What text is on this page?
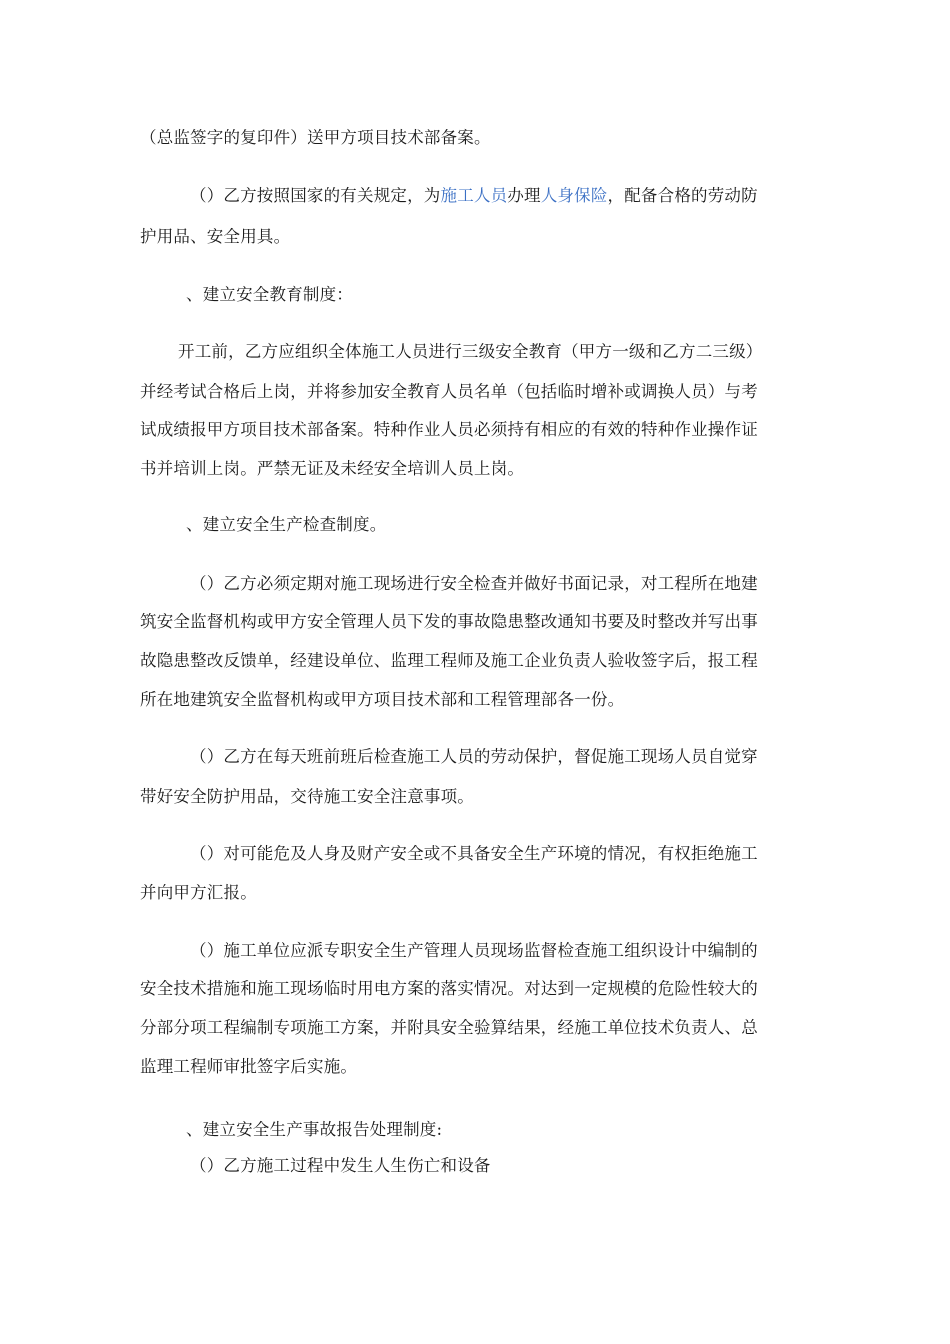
（总监签字的复印件）送甲方项目技术部备案。
（）乙方按照国家的有关规定，为施工人员办理人身保险，配备合格的劳动防
护用品、安全用具。
、建立安全教育制度：
开工前，乙方应组织全体施工人员进行三级安全教育（甲方一级和乙方二三级）
并经考试合格后上岗，并将参加安全教育人员名单（包括临时增补或调换人员）与考
试成绩报甲方项目技术部备案。特种作业人员必须持有相应的有效的特种作业操作证
书并培训上岗。严禁无证及未经安全培训人员上岗。
、建立安全生产检查制度。
（）乙方必须定期对施工现场进行安全检查并做好书面记录，对工程所在地建
筑安全监督机构或甲方安全管理人员下发的事故隐患整改通知书要及时整改并写出事
故隐患整改反馈单，经建设单位、监理工程师及施工企业负责人验收签字后，报工程
所在地建筑安全监督机构或甲方项目技术部和工程管理部各一份。
（）乙方在每天班前班后检查施工人员的劳动保护，督促施工现场人员自觉穿
带好安全防护用品，交待施工安全注意事项。
（）对可能危及人身及财产安全或不具备安全生产环境的情况，有权拒绝施工
并向甲方汇报。
（）施工单位应派专职安全生产管理人员现场监督检查施工组织设计中编制的
安全技术措施和施工现场临时用电方案的落实情况。对达到一定规模的危险性较大的
分部分项工程编制专项施工方案，并附具安全验算结果，经施工单位技术负责人、总
监理工程师审批签字后实施。
、建立安全生产事故报告处理制度:
（）乙方施工过程中发生人生伤亡和设备
